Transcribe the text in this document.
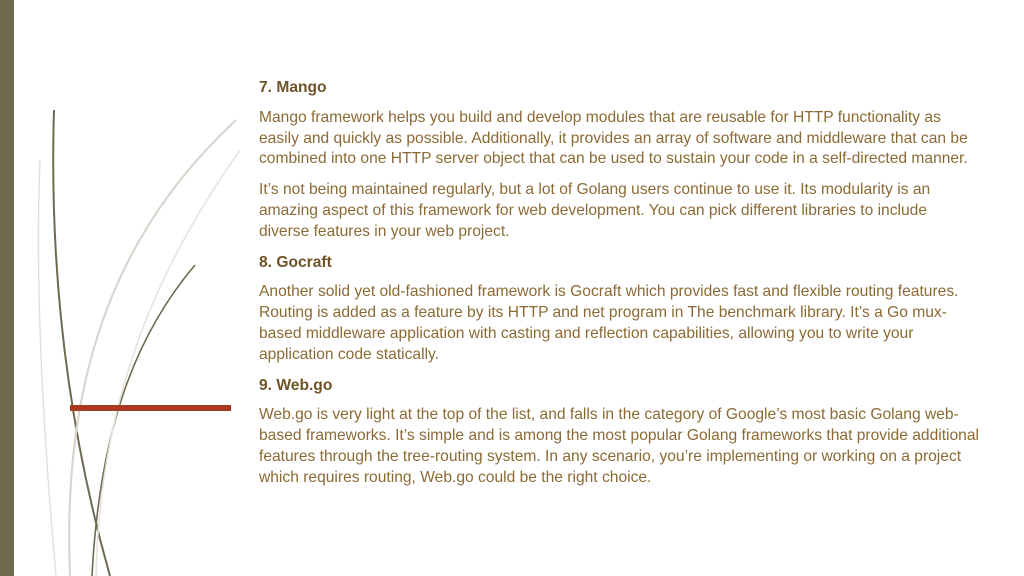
7. Mango

Mango framework helps you build and develop modules that are reusable for HTTP functionality as easily and quickly as possible. Additionally, it provides an array of software and middleware that can be combined into one HTTP server object that can be used to sustain your code in a self-directed manner.

It’s not being maintained regularly, but a lot of Golang users continue to use it. Its modularity is an amazing aspect of this framework for web development. You can pick different libraries to include diverse features in your web project.

8. Gocraft

Another solid yet old-fashioned framework is Gocraft which provides fast and flexible routing features. Routing is added as a feature by its HTTP and net program in The benchmark library. It’s a Go mux-based middleware application with casting and reflection capabilities, allowing you to write your application code statically.

9. Web.go

Web.go is very light at the top of the list, and falls in the category of Google’s most basic Golang web-based frameworks. It’s simple and is among the most popular Golang frameworks that provide additional features through the tree-routing system. In any scenario, you’re implementing or working on a project which requires routing, Web.go could be the right choice.
